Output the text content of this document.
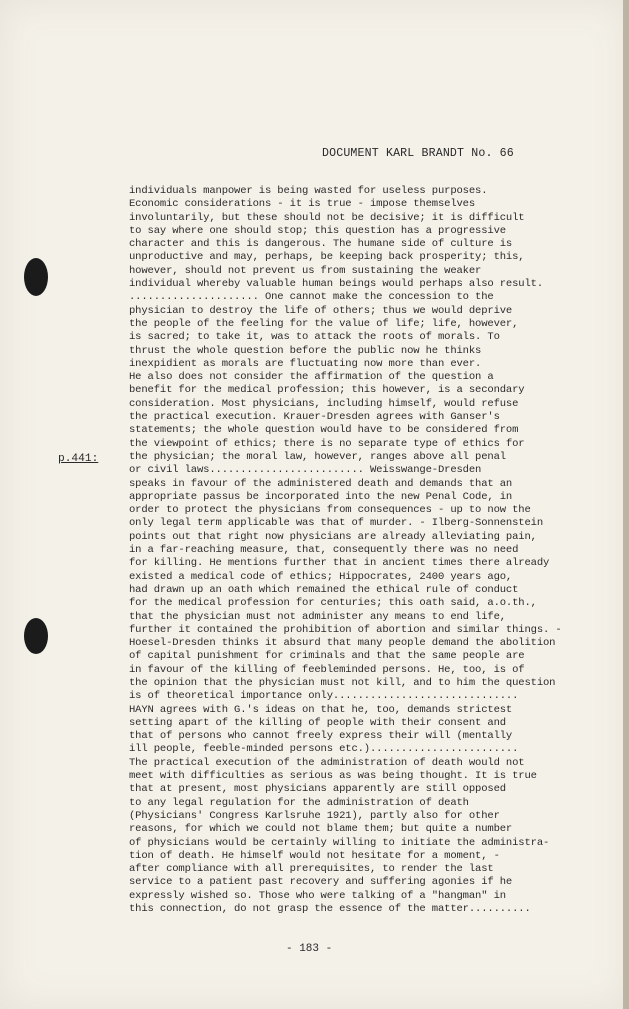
DOCUMENT KARL BRANDT No. 66
p.441:
individuals manpower is being wasted for useless purposes.
Economic considerations - it is true - impose themselves
involuntarily, but these should not be decisive; it is difficult
to say where one should stop; this question has a progressive
character and this is dangerous. The humane side of culture is
unproductive and may, perhaps, be keeping back prosperity; this,
however, should not prevent us from sustaining the weaker
individual whereby valuable human beings would perhaps also result.
..................... One cannot make the concession to the
physician to destroy the life of others; thus we would deprive
the people of the feeling for the value of life; life, however,
is sacred; to take it, was to attack the roots of morals. To
thrust the whole question before the public now he thinks
inexpidient as morals are fluctuating now more than ever.
He also does not consider the affirmation of the question a
benefit for the medical profession; this however, is a secondary
consideration. Most physicians, including himself, would refuse
the practical execution. Krauer-Dresden agrees with Ganser's
statements; the whole question would have to be considered from
the viewpoint of ethics; there is no separate type of ethics for
the physician; the moral law, however, ranges above all penal
or civil laws......................... Weisswange-Dresden
speaks in favour of the administered death and demands that an
appropriate passus be incorporated into the new Penal Code, in
order to protect the physicians from consequences - up to now the
only legal term applicable was that of murder. - Ilberg-Sonnenstein
points out that right now physicians are already alleviating pain,
in a far-reaching measure, that, consequently there was no need
for killing. He mentions further that in ancient times there already
existed a medical code of ethics; Hippocrates, 2400 years ago,
had drawn up an oath which remained the ethical rule of conduct
for the medical profession for centuries; this oath said, a.o.th.,
that the physician must not administer any means to end life,
further it contained the prohibition of abortion and similar things. -
Hoesel-Dresden thinks it absurd that many people demand the abolition
of capital punishment for criminals and that the same people are
in favour of the killing of feebleminded persons. He, too, is of
the opinion that the physician must not kill, and to him the question
is of theoretical importance only..............................
HAYN agrees with G.'s ideas on that he, too, demands strictest
setting apart of the killing of people with their consent and
that of persons who cannot freely express their will (mentally
ill people, feeble-minded persons etc.)........................
The practical execution of the administration of death would not
meet with difficulties as serious as was being thought. It is true
that at present, most physicians apparently are still opposed
to any legal regulation for the administration of death
(Physicians' Congress Karlsruhe 1921), partly also for other
reasons, for which we could not blame them; but quite a number
of physicians would be certainly willing to initiate the administra-
tion of death. He himself would not hesitate for a moment, -
after compliance with all prerequisites, to render the last
service to a patient past recovery and suffering agonies if he
expressly wished so. Those who were talking of a "hangman" in
this connection, do not grasp the essence of the matter..........
- 183 -
